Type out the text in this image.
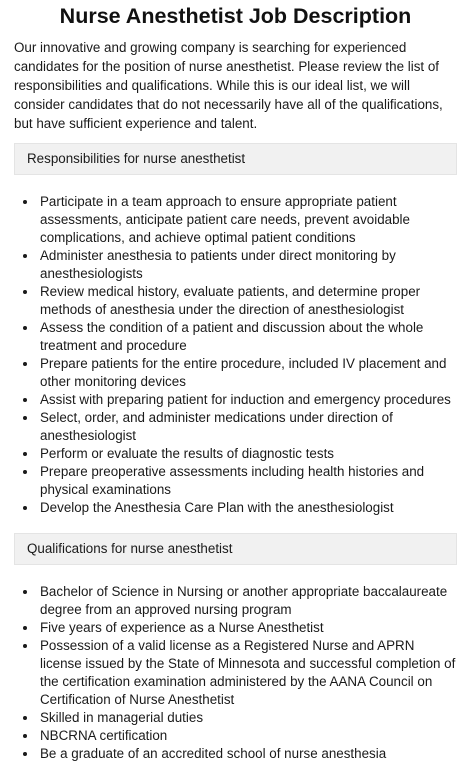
Nurse Anesthetist Job Description

Our innovative and growing company is searching for experienced candidates for the position of nurse anesthetist. Please review the list of responsibilities and qualifications. While this is our ideal list, we will consider candidates that do not necessarily have all of the qualifications, but have sufficient experience and talent.

Responsibilities for nurse anesthetist
• Participate in a team approach to ensure appropriate patient assessments, anticipate patient care needs, prevent avoidable complications, and achieve optimal patient conditions
• Administer anesthesia to patients under direct monitoring by anesthesiologists
• Review medical history, evaluate patients, and determine proper methods of anesthesia under the direction of anesthesiologist
• Assess the condition of a patient and discussion about the whole treatment and procedure
• Prepare patients for the entire procedure, included IV placement and other monitoring devices
• Assist with preparing patient for induction and emergency procedures
• Select, order, and administer medications under direction of anesthesiologist
• Perform or evaluate the results of diagnostic tests
• Prepare preoperative assessments including health histories and physical examinations
• Develop the Anesthesia Care Plan with the anesthesiologist
Qualifications for nurse anesthetist
• Bachelor of Science in Nursing or another appropriate baccalaureate degree from an approved nursing program
• Five years of experience as a Nurse Anesthetist
• Possession of a valid license as a Registered Nurse and APRN license issued by the State of Minnesota and successful completion of the certification examination administered by the AANA Council on Certification of Nurse Anesthetist
• Skilled in managerial duties
• NBCRNA certification
• Be a graduate of an accredited school of nurse anesthesia
